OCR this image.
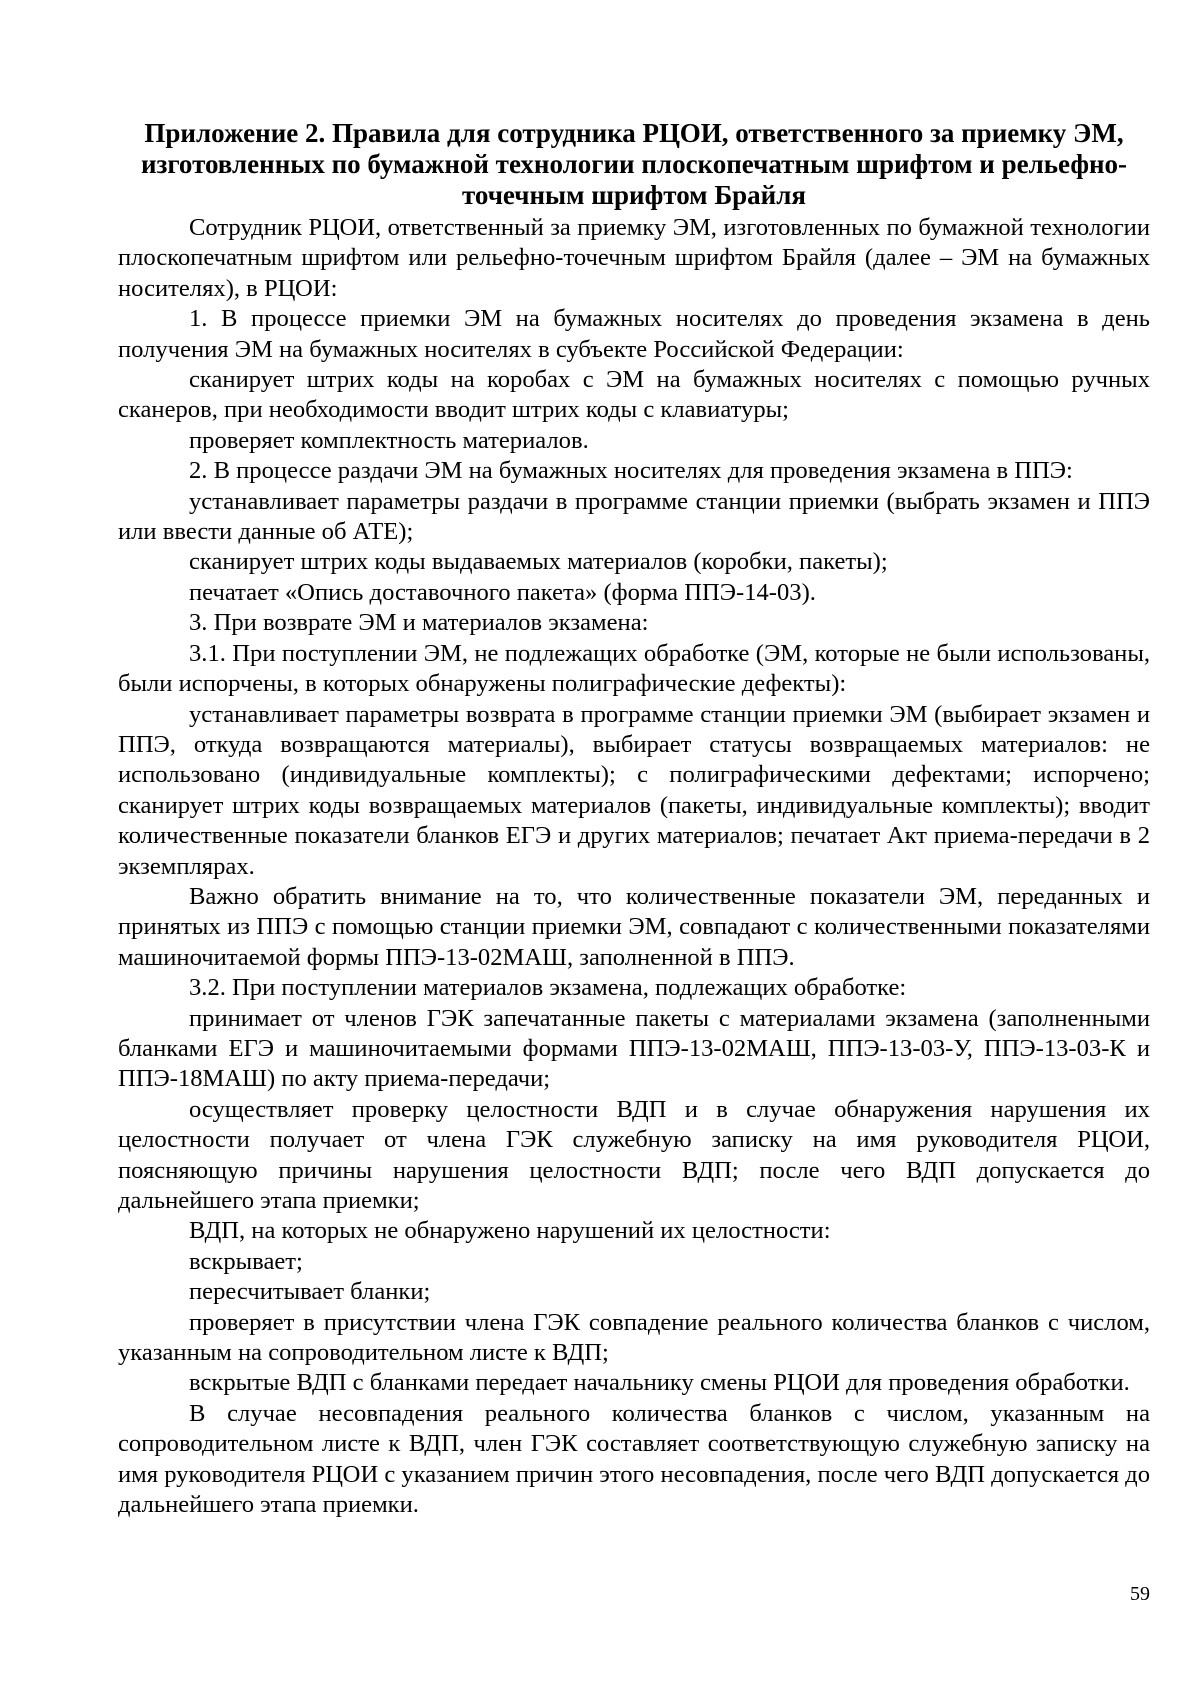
Приложение 2. Правила для сотрудника РЦОИ, ответственного за приемку ЭМ, изготовленных по бумажной технологии плоскопечатным шрифтом и рельефно-точечным шрифтом Брайля

Сотрудник РЦОИ, ответственный за приемку ЭМ, изготовленных по бумажной технологии плоскопечатным шрифтом или рельефно-точечным шрифтом Брайля (далее – ЭМ на бумажных носителях), в РЦОИ:

1. В процессе приемки ЭМ на бумажных носителях до проведения экзамена в день получения ЭМ на бумажных носителях в субъекте Российской Федерации:

сканирует штрих коды на коробах с ЭМ на бумажных носителях с помощью ручных сканеров, при необходимости вводит штрих коды с клавиатуры;

проверяет комплектность материалов.

2. В процессе раздачи ЭМ на бумажных носителях для проведения экзамена в ППЭ:

устанавливает параметры раздачи в программе станции приемки (выбрать экзамен и ППЭ или ввести данные об АТЕ);

сканирует штрих коды выдаваемых материалов (коробки, пакеты);

печатает «Опись доставочного пакета» (форма ППЭ-14-03).

3. При возврате ЭМ и материалов экзамена:

3.1. При поступлении ЭМ, не подлежащих обработке (ЭМ, которые не были использованы, были испорчены, в которых обнаружены полиграфические дефекты):

устанавливает параметры возврата в программе станции приемки ЭМ (выбирает экзамен и ППЭ, откуда возвращаются материалы), выбирает статусы возвращаемых материалов: не использовано (индивидуальные комплекты); с полиграфическими дефектами; испорчено; сканирует штрих коды возвращаемых материалов (пакеты, индивидуальные комплекты); вводит количественные показатели бланков ЕГЭ и других материалов; печатает Акт приема-передачи в 2 экземплярах.

Важно обратить внимание на то, что количественные показатели ЭМ, переданных и принятых из ППЭ с помощью станции приемки ЭМ, совпадают с количественными показателями машиночитаемой формы ППЭ-13-02МАШ, заполненной в ППЭ.

3.2. При поступлении материалов экзамена, подлежащих обработке:

принимает от членов ГЭК запечатанные пакеты с материалами экзамена (заполненными бланками ЕГЭ и машиночитаемыми формами ППЭ-13-02МАШ, ППЭ-13-03-У, ППЭ-13-03-К и ППЭ-18МАШ) по акту приема-передачи;

осуществляет проверку целостности ВДП и в случае обнаружения нарушения их целостности получает от члена ГЭК служебную записку на имя руководителя РЦОИ, поясняющую причины нарушения целостности ВДП; после чего ВДП допускается до дальнейшего этапа приемки;

ВДП, на которых не обнаружено нарушений их целостности:

вскрывает;

пересчитывает бланки;

проверяет в присутствии члена ГЭК совпадение реального количества бланков с числом, указанным на сопроводительном листе к ВДП;

вскрытые ВДП с бланками передает начальнику смены РЦОИ для проведения обработки.

В случае несовпадения реального количества бланков с числом, указанным на сопроводительном листе к ВДП, член ГЭК составляет соответствующую служебную записку на имя руководителя РЦОИ с указанием причин этого несовпадения, после чего ВДП допускается до дальнейшего этапа приемки.

59
